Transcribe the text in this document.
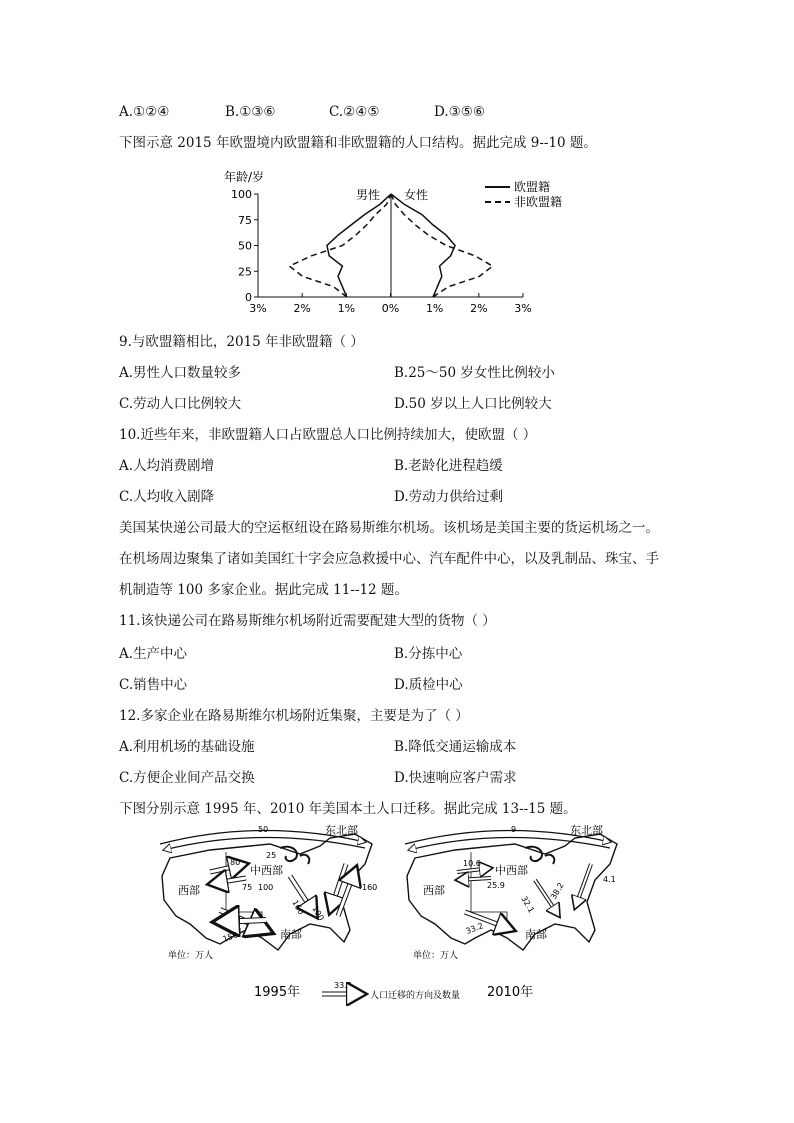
A.①②④	B.①③⑥	C.②④⑤	D.③⑤⑥
下图示意 2015 年欧盟境内欧盟籍和非欧盟籍的人口结构。据此完成 9--10 题。
年龄/岁
100
75
50
25
0
3% 2% 1% 0% 1% 2% 3%
男性 女性
欧盟籍
非欧盟籍
9.与欧盟籍相比，2015 年非欧盟籍（ ）
A.男性人口数量较多	B.25～50 岁女性比例较小
C.劳动人口比例较大	D.50 岁以上人口比例较大
10.近些年来，非欧盟籍人口占欧盟总人口比例持续加大，使欧盟（ ）
A.人均消费剧增	B.老龄化进程趋缓
C.人均收入剧降	D.劳动力供给过剩
美国某快递公司最大的空运枢纽设在路易斯维尔机场。该机场是美国主要的货运机场之一。
在机场周边聚集了诸如美国红十字会应急救援中心、汽车配件中心，以及乳制品、珠宝、手
机制造等 100 多家企业。据此完成 11--12 题。
11.该快递公司在路易斯维尔机场附近需要配建大型的货物（ ）
A.生产中心	B.分拣中心
C.销售中心	D.质检中心
12.多家企业在路易斯维尔机场附近集聚，主要是为了（ ）
A.利用机场的基础设施	B.降低交通运输成本
C.方便企业间产品交换	D.快速响应客户需求
下图分别示意 1995 年、2010 年美国本土人口迁移。据此完成 13--15 题。
50
25
80
75 100
160
160
150
100
东北部
中西部
西部
南部
单位：万人
1995年
9
10.6
25.9
33.2
38.2
32.1
4.1
东北部
中西部
西部
南部
单位：万人
2010年
33.2
人口迁移的方向及数量
